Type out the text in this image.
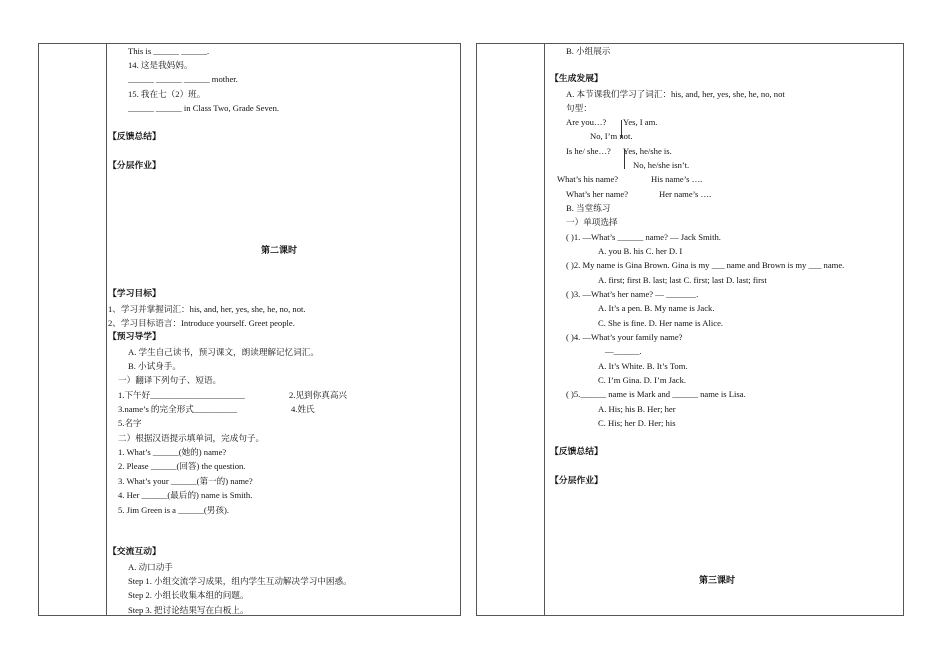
This is ______ ______.
14. 这是我妈妈。
______ ______ ______ mother.
15. 我在七（2）班。
______ ______ in Class Two, Grade Seven.
【反馈总结】
【分层作业】
第二课时
【学习目标】
1、学习并掌握词汇：his, and, her, yes, she, he, no, not.
2、学习目标语言：Introduce yourself. Greet people.
【预习导学】
A. 学生自己读书，预习课文，朗读理解记忆词汇。
B. 小试身手。
一）翻译下列句子、短语。
1.下午好______________________	2.见到你真高兴
3.name’s 的完全形式__________	4.姓氏
5.名字
二）根据汉语提示填单词，完成句子。
1. What’s ______(她的) name?
2. Please ______(回答) the question.
3. What’s your ______(第一的) name?
4. Her ______(最后的) name is Smith.
5. Jim Green is a ______(男孩).
【交流互动】
A. 动口动手
Step 1. 小组交流学习成果，组内学生互动解决学习中困惑。
Step 2. 小组长收集本组的问题。
Step 3. 把讨论结果写在白板上。
B. 小组展示
【生成发展】
A. 本节课我们学习了词汇：his, and, her, yes, she, he, no, not
句型：
Are you…? Yes, I am.
No, I’m not.
Is he/ she…? Yes, he/she is.
No, he/she isn’t.
What’s his name?	His name’s ….
What’s her name?	Her name’s ….
B. 当堂练习
一）单项选择
( )1. —What’s ______ name? — Jack Smith.
A. you B. his C. her D. I
( )2. My name is Gina Brown. Gina is my ___ name and Brown is my ___ name.
A. first; first B. last; last C. first; last D. last; first
( )3. —What’s her name? — _______.
A. It’s a pen. B. My name is Jack.
C. She is fine. D. Her name is Alice.
( )4. —What’s your family name?
—______.
A. It’s White. B. It’s Tom.
C. I’m Gina. D. I’m Jack.
( )5.______ name is Mark and ______ name is Lisa.
A. His; his B. Her; her
C. His; her D. Her; his
【反馈总结】
【分层作业】
第三课时
